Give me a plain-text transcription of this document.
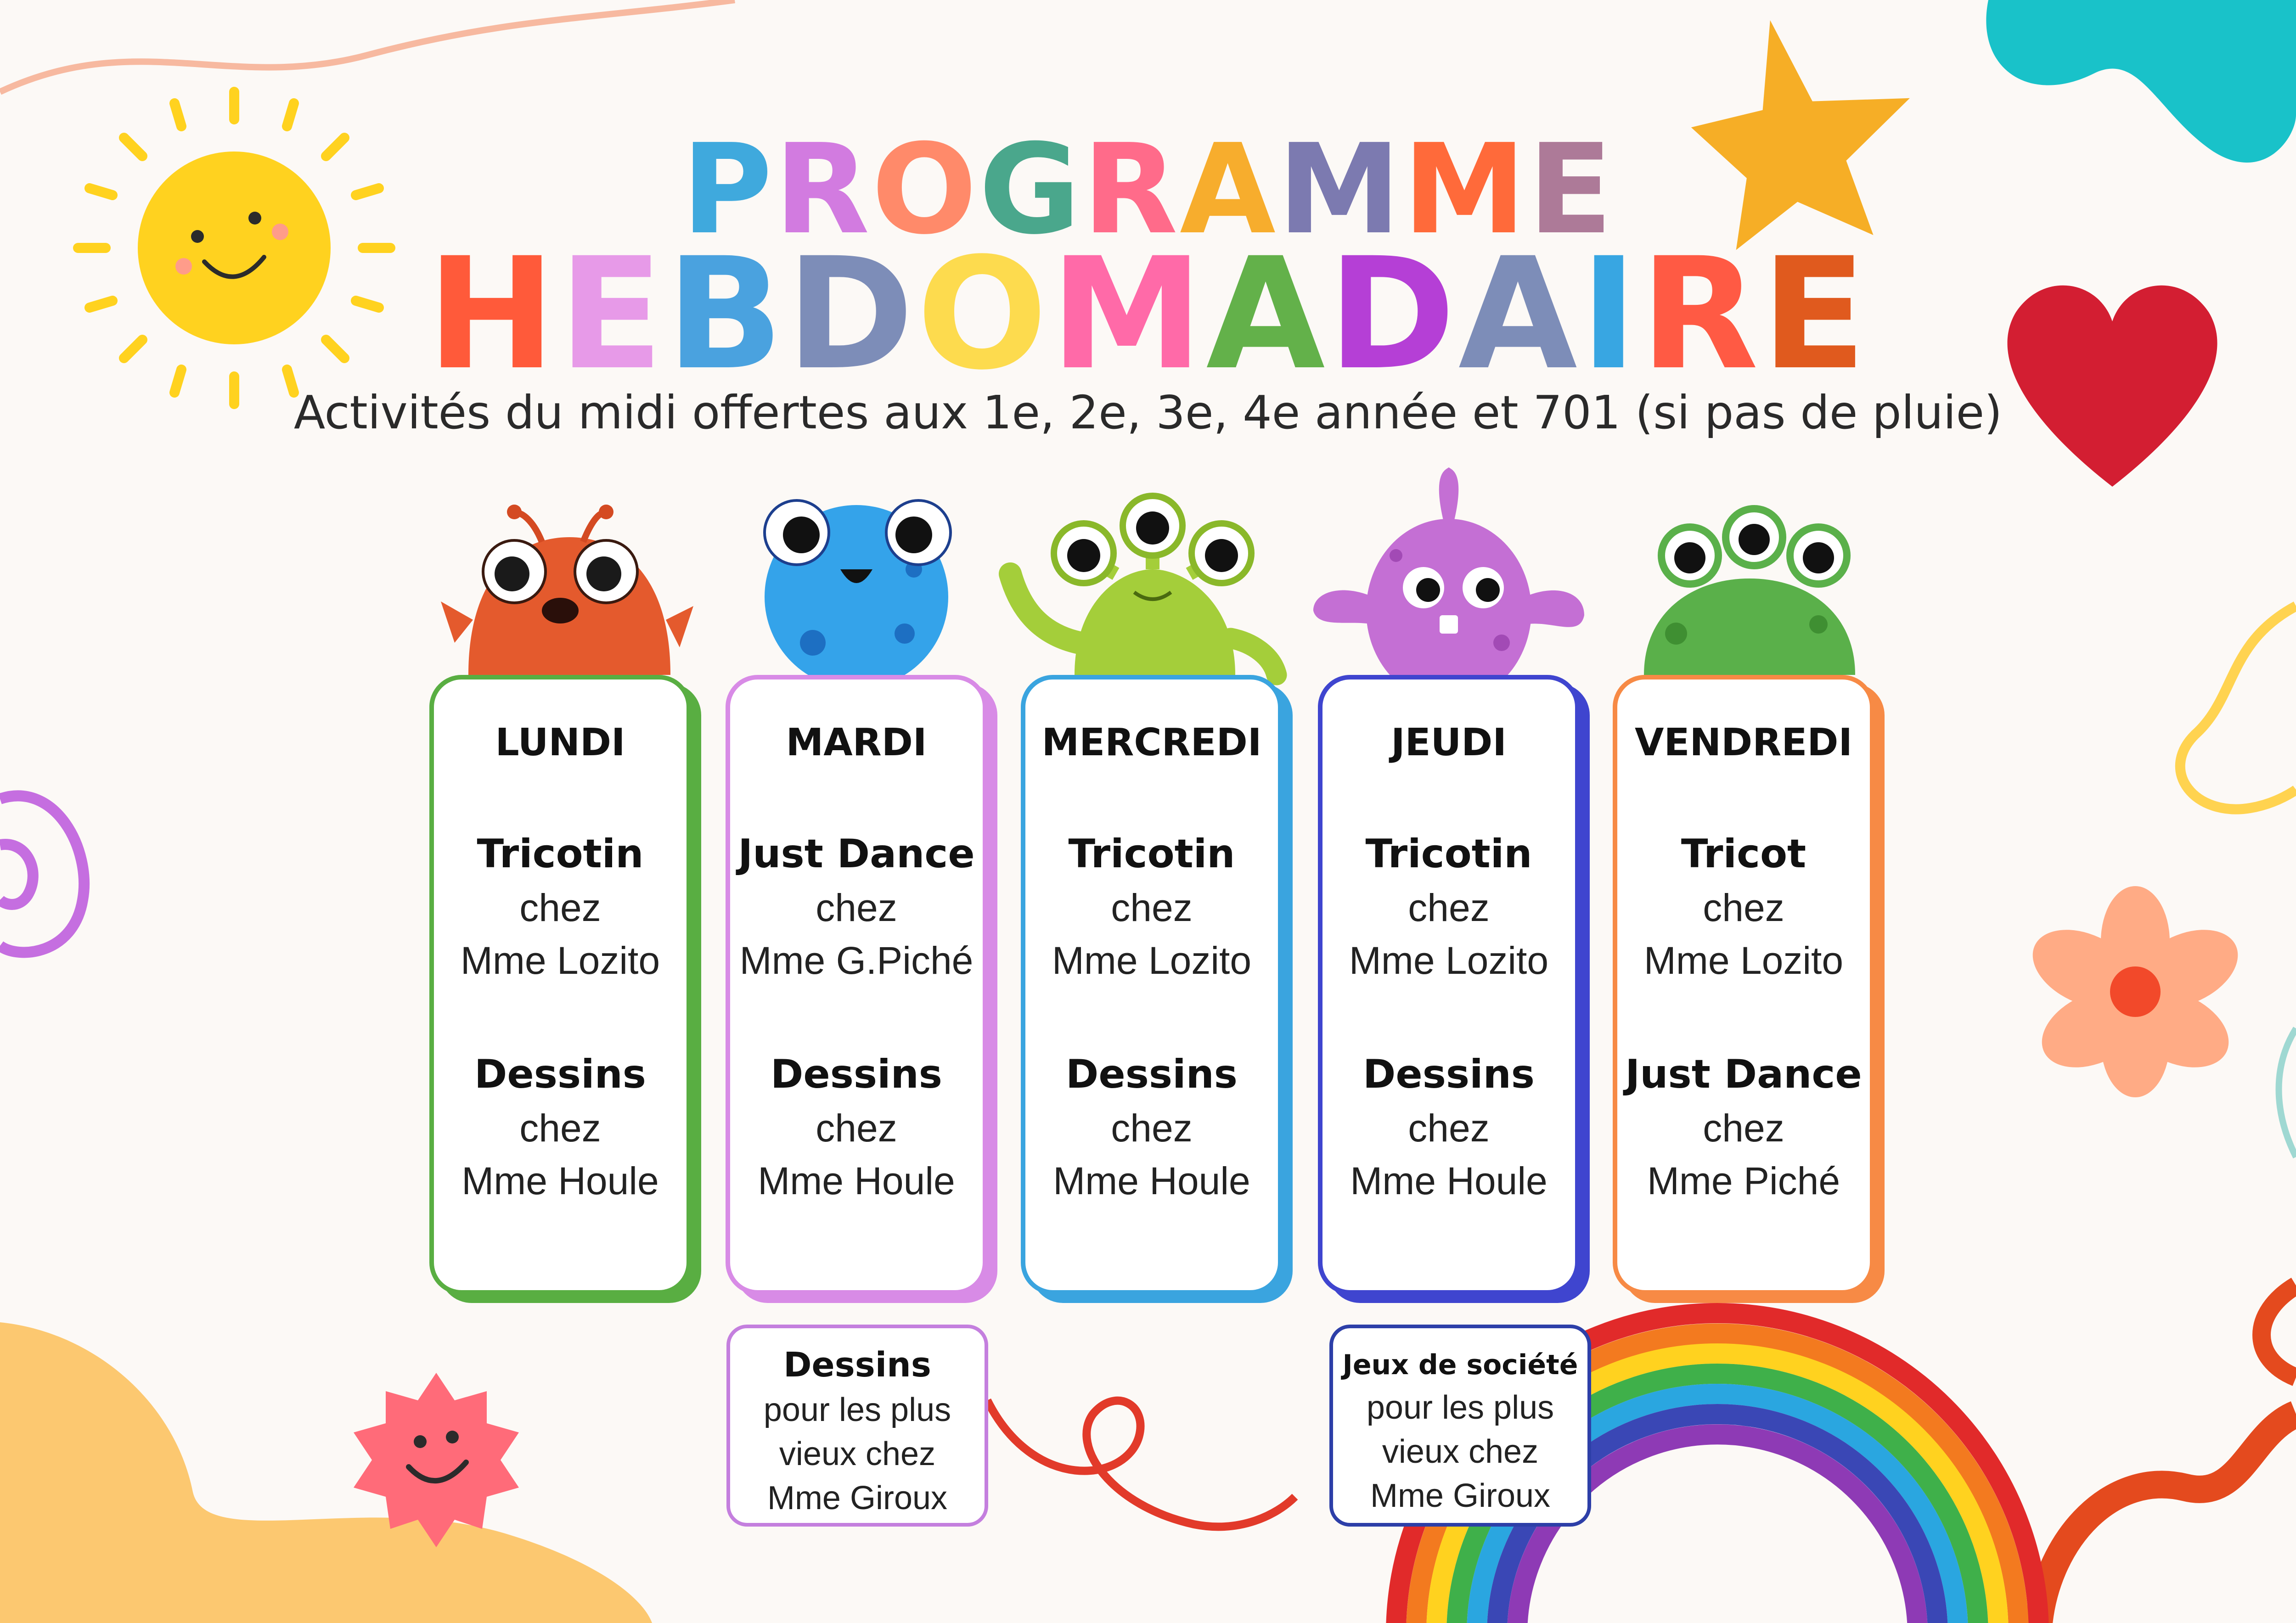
PROGRAMME
HEBDOMADAIRE
Activités du midi offertes aux 1e, 2e, 3e, 4e année et 701 (si pas de pluie)
LUNDI
Tricotin
chez
Mme Lozito
Dessins
chez
Mme Houle
MARDI
Just Dance
chez
Mme G.Piché
Dessins
chez
Mme Houle
MERCREDI
Tricotin
chez
Mme Lozito
Dessins
chez
Mme Houle
JEUDI
Tricotin
chez
Mme Lozito
Dessins
chez
Mme Houle
VENDREDI
Tricot
chez
Mme Lozito
Just Dance
chez
Mme Piché
Dessins
pour les plus
vieux chez
Mme Giroux
Jeux de société
pour les plus
vieux chez
Mme Giroux
